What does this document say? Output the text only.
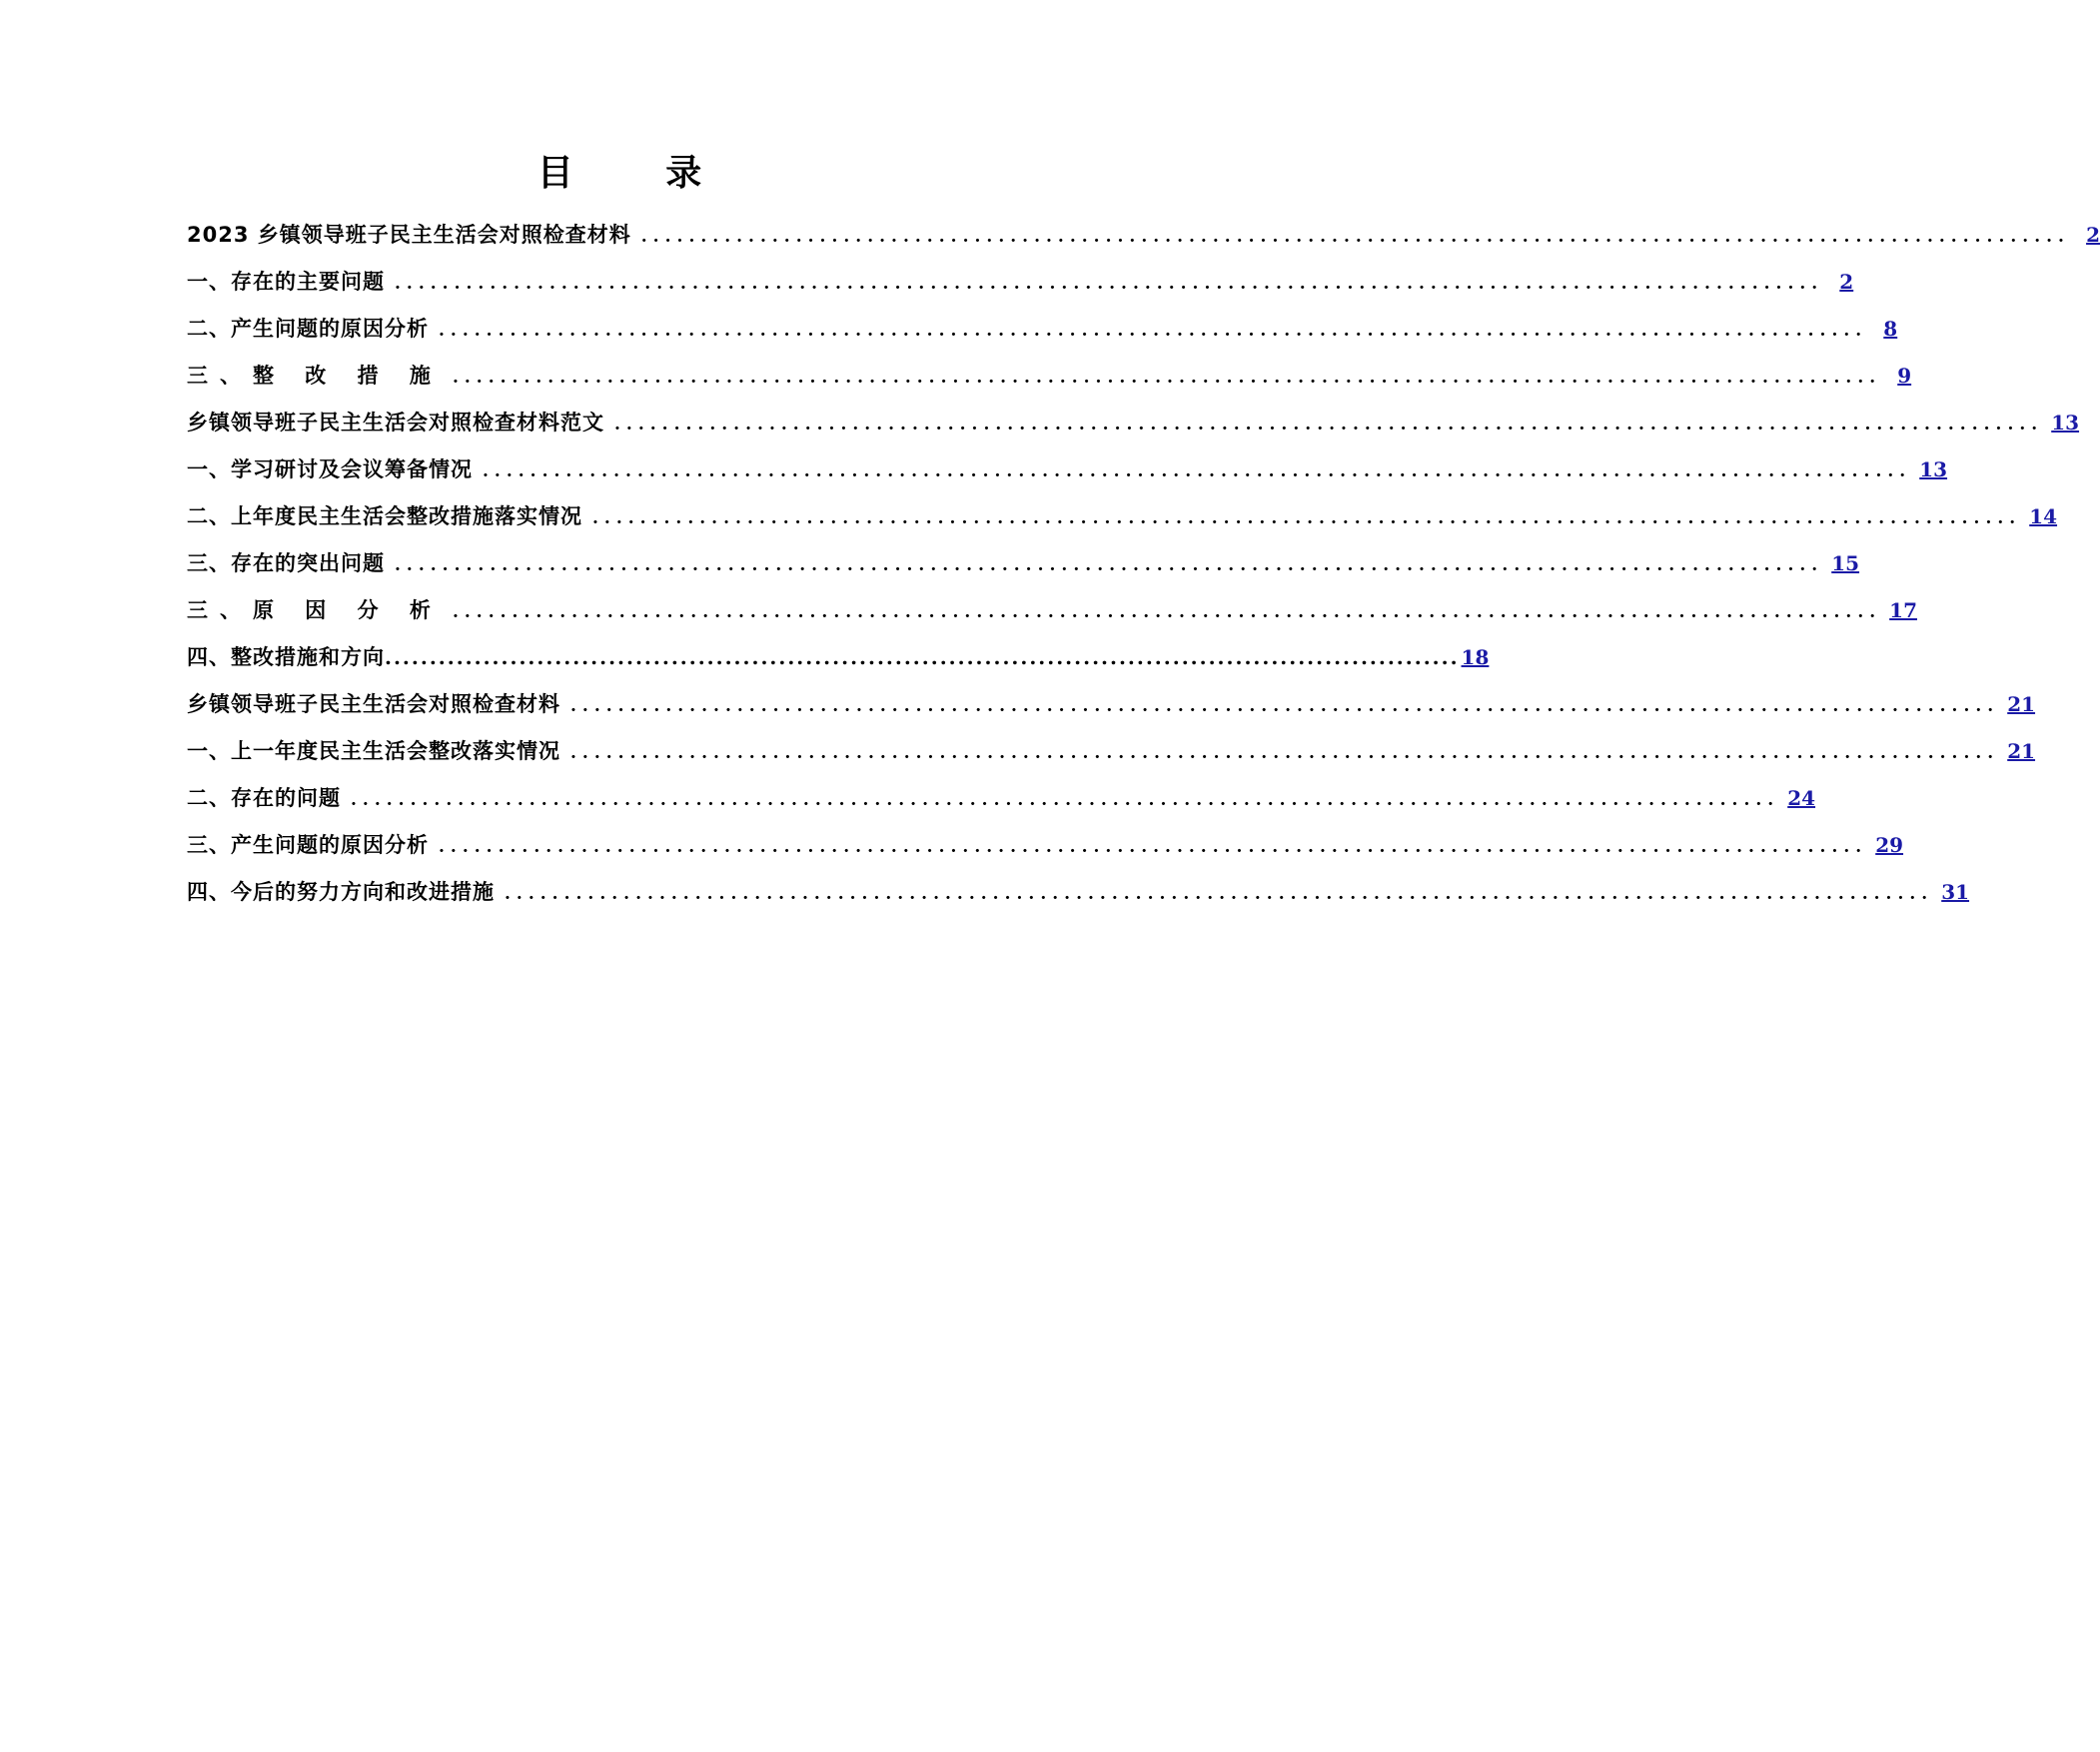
目 录
2023 乡镇领导班子民主生活会对照检查材料 ........................................................................................................................ 2
一、存在的主要问题 ........................................................................................................................ 2
二、产生问题的原因分析 ........................................................................................................................ 8
三、整 改 措 施 ........................................................................................................................ 9
乡镇领导班子民主生活会对照检查材料范文 ........................................................................................................................ 13
一、学习研讨及会议筹备情况 ........................................................................................................................ 13
二、上年度民主生活会整改措施落实情况 ........................................................................................................................ 14
三、存在的突出问题 ........................................................................................................................ 15
三、原 因 分 析 ........................................................................................................................ 17
四、整改措施和方向 ........................................................................................................................ 18
乡镇领导班子民主生活会对照检查材料 ........................................................................................................................ 21
一、上一年度民主生活会整改落实情况 ........................................................................................................................ 21
二、存在的问题 ........................................................................................................................ 24
三、产生问题的原因分析 ........................................................................................................................ 29
四、今后的努力方向和改进措施 ........................................................................................................................ 31
